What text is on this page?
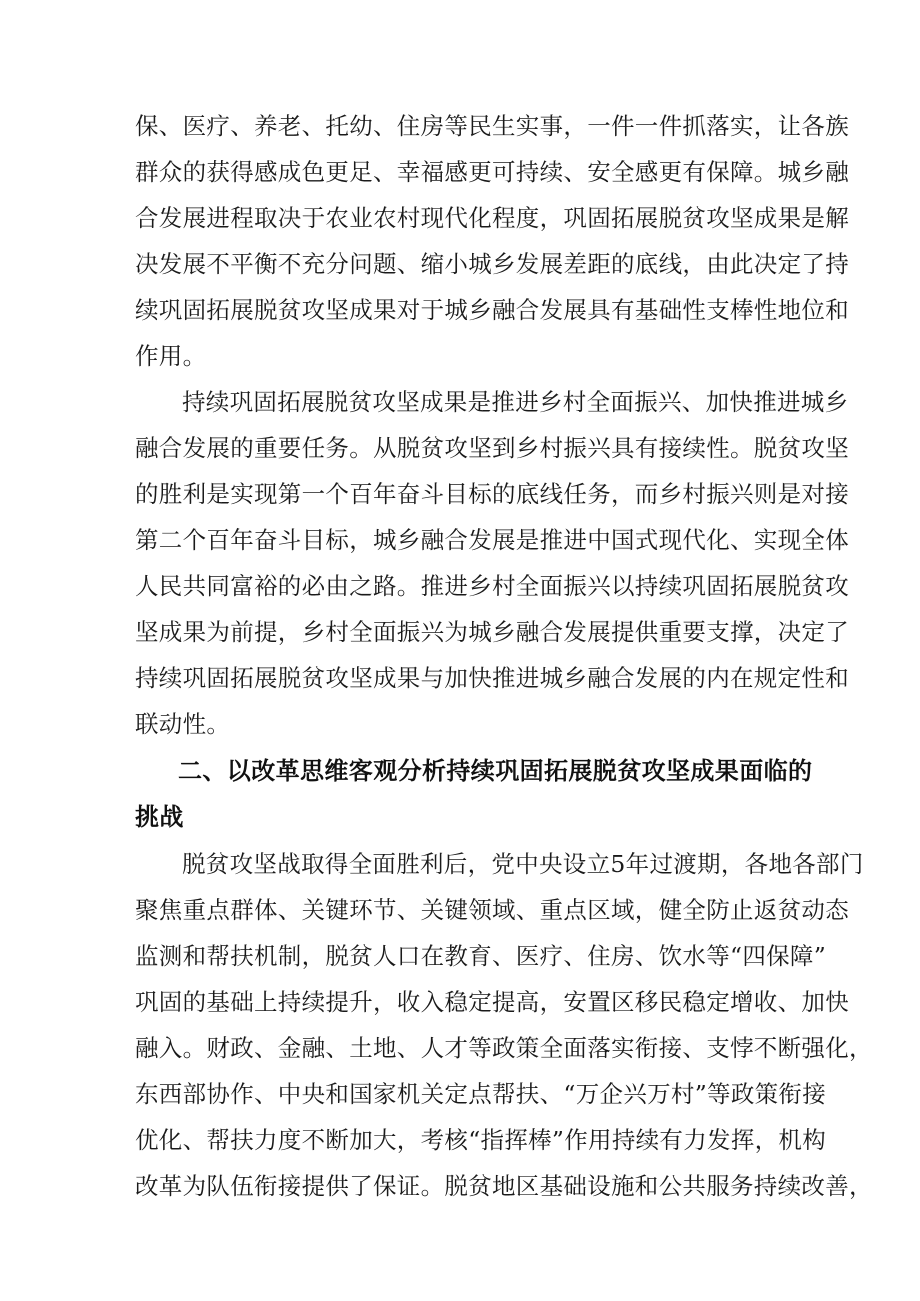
保、医疗、养老、托幼、住房等民生实事，一件一件抓落实，让各族

群众的获得感成色更足、幸福感更可持续、安全感更有保障。城乡融

合发展进程取决于农业农村现代化程度，巩固拓展脱贫攻坚成果是解

决发展不平衡不充分问题、缩小城乡发展差距的底线，由此决定了持

续巩固拓展脱贫攻坚成果对于城乡融合发展具有基础性支棒性地位和

作用。

持续巩固拓展脱贫攻坚成果是推进乡村全面振兴、加快推进城乡

融合发展的重要任务。从脱贫攻坚到乡村振兴具有接续性。脱贫攻坚

的胜利是实现第一个百年奋斗目标的底线任务，而乡村振兴则是对接

第二个百年奋斗目标，城乡融合发展是推进中国式现代化、实现全体

人民共同富裕的必由之路。推进乡村全面振兴以持续巩固拓展脱贫攻

坚成果为前提，乡村全面振兴为城乡融合发展提供重要支撑，决定了

持续巩固拓展脱贫攻坚成果与加快推进城乡融合发展的内在规定性和

联动性。

二、以改革思维客观分析持续巩固拓展脱贫攻坚成果面临的

挑战

脱贫攻坚战取得全面胜利后，党中央设立5年过渡期，各地各部门

聚焦重点群体、关键环节、关键领域、重点区域，健全防止返贫动态

监测和帮扶机制，脱贫人口在教育、医疗、住房、饮水等“四保障”

巩固的基础上持续提升，收入稳定提高，安置区移民稳定增收、加快

融入。财政、金融、土地、人才等政策全面落实衔接、支悖不断强化，

东西部协作、中央和国家机关定点帮扶、“万企兴万村”等政策衔接

优化、帮扶力度不断加大，考核“指挥棒”作用持续有力发挥，机构

改革为队伍衔接提供了保证。脱贫地区基础设施和公共服务持续改善，
